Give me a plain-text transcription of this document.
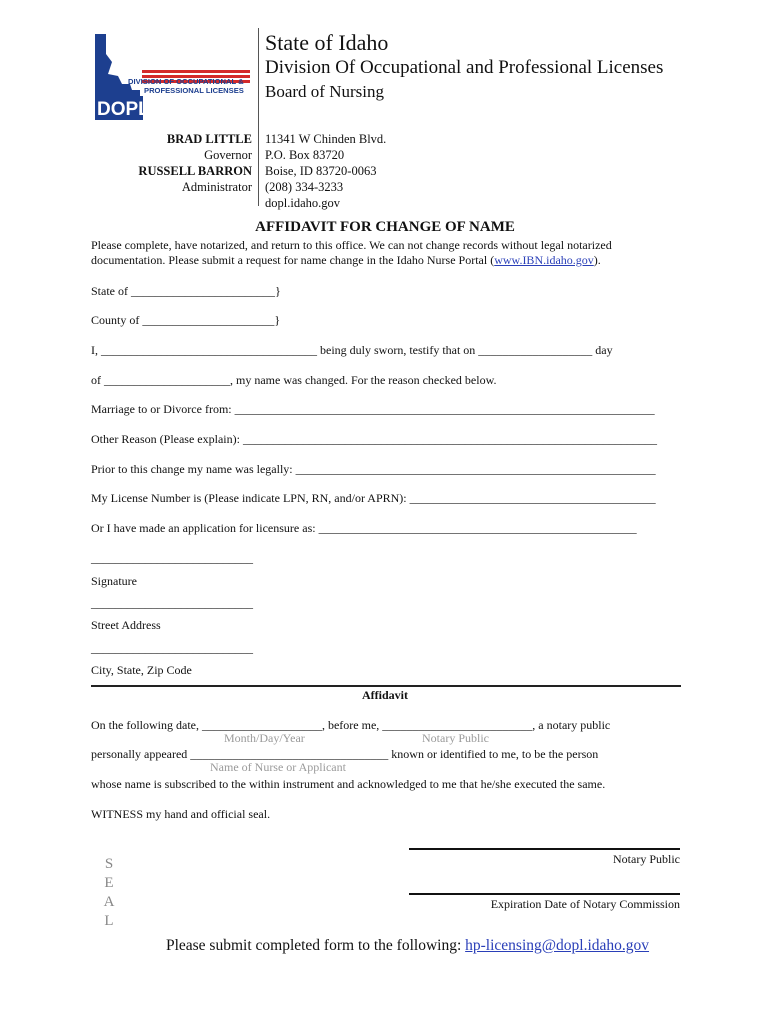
DIVISION OF OCCUPATIONAL &
PROFESSIONAL LICENSES
DOPL
State of Idaho
Division Of Occupational and Professional Licenses
Board of Nursing
BRAD LITTLE
Governor
RUSSELL BARRON
Administrator
11341 W Chinden Blvd.
P.O. Box 83720
Boise, ID 83720-0063
(208) 334-3233
dopl.idaho.gov
AFFIDAVIT FOR CHANGE OF NAME
Please complete, have notarized, and return to this office. We can not change records without legal notarized documentation. Please submit a request for name change in the Idaho Nurse Portal (www.IBN.idaho.gov).
State of ________________________}
County of ______________________}
I, ____________________________________ being duly sworn, testify that on ___________________ day
of _____________________, my name was changed. For the reason checked below.
Marriage to or Divorce from: ______________________________________________________________________
Other Reason (Please explain): _____________________________________________________________________
Prior to this change my name was legally: ____________________________________________________________
My License Number is (Please indicate LPN, RN, and/or APRN): _________________________________________
Or I have made an application for licensure as: _____________________________________________________
___________________________
Signature
___________________________
Street Address
___________________________
City, State, Zip Code
Affidavit
On the following date, ____________________, before me, _________________________, a notary public
Month/Day/Year	Notary Public
personally appeared _________________________________ known or identified to me, to be the person
Name of Nurse or Applicant
whose name is subscribed to the within instrument and acknowledged to me that he/she executed the same.
WITNESS my hand and official seal.
S
E
A
L
Notary Public
Expiration Date of Notary Commission
Please submit completed form to the following: hp-licensing@dopl.idaho.gov
